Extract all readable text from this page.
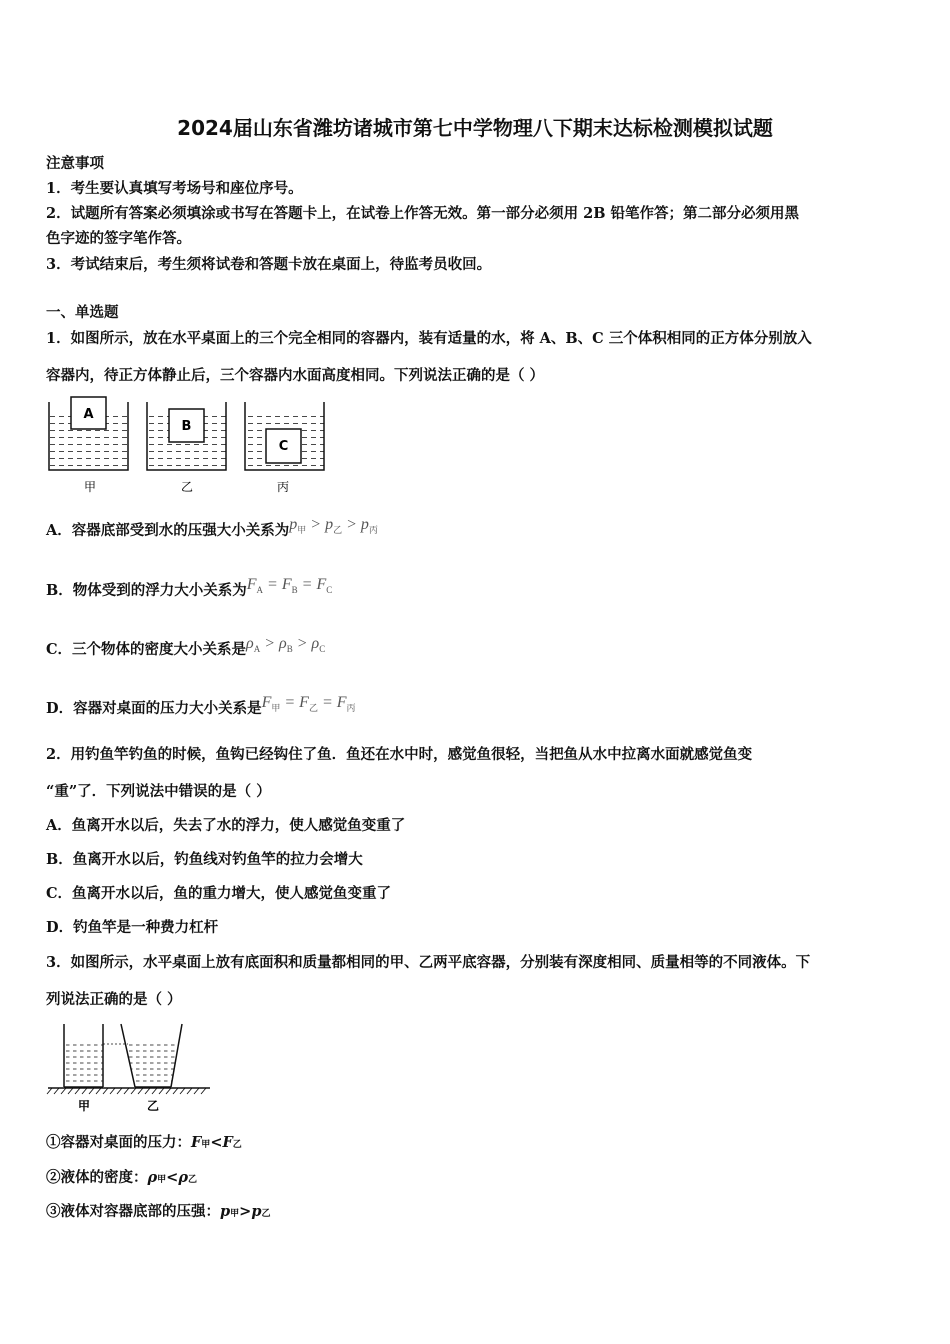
2024届山东省潍坊诸城市第七中学物理八下期末达标检测模拟试题
注意事项
1．考生要认真填写考场号和座位序号。
2．试题所有答案必须填涂或书写在答题卡上，在试卷上作答无效。第一部分必须用 2B 铅笔作答；第二部分必须用黑
色字迹的签字笔作答。
3．考试结束后，考生须将试卷和答题卡放在桌面上，待监考员收回。
一、单选题
1．如图所示，放在水平桌面上的三个完全相同的容器内，装有适量的水，将 A、B、C 三个体积相同的正方体分别放入
容器内，待正方体静止后，三个容器内水面高度相同。下列说法正确的是（ ）
A
甲
B
乙
C
丙
A．容器底部受到水的压强大小关系为$p_甲 > p_乙 > p_丙$
B．物体受到的浮力大小关系为$F_A = F_B = F_C$
C．三个物体的密度大小关系是$\rho_A > \rho_B > \rho_C$
D．容器对桌面的压力大小关系是$F_甲 = F_乙 = F_丙$
2．用钓鱼竿钓鱼的时候，鱼钩已经钩住了鱼．鱼还在水中时，感觉鱼很轻，当把鱼从水中拉离水面就感觉鱼变
“重”了．下列说法中错误的是（ ）
A．鱼离开水以后，失去了水的浮力，使人感觉鱼变重了
B．鱼离开水以后，钓鱼线对钓鱼竿的拉力会增大
C．鱼离开水以后，鱼的重力增大，使人感觉鱼变重了
D．钓鱼竿是一种费力杠杆
3．如图所示，水平桌面上放有底面积和质量都相同的甲、乙两平底容器，分别装有深度相同、质量相等的不同液体。下
列说法正确的是（ ）
甲	乙
①容器对桌面的压力：F甲<F乙
②液体的密度：ρ甲<ρ乙
③液体对容器底部的压强：p甲>p乙
